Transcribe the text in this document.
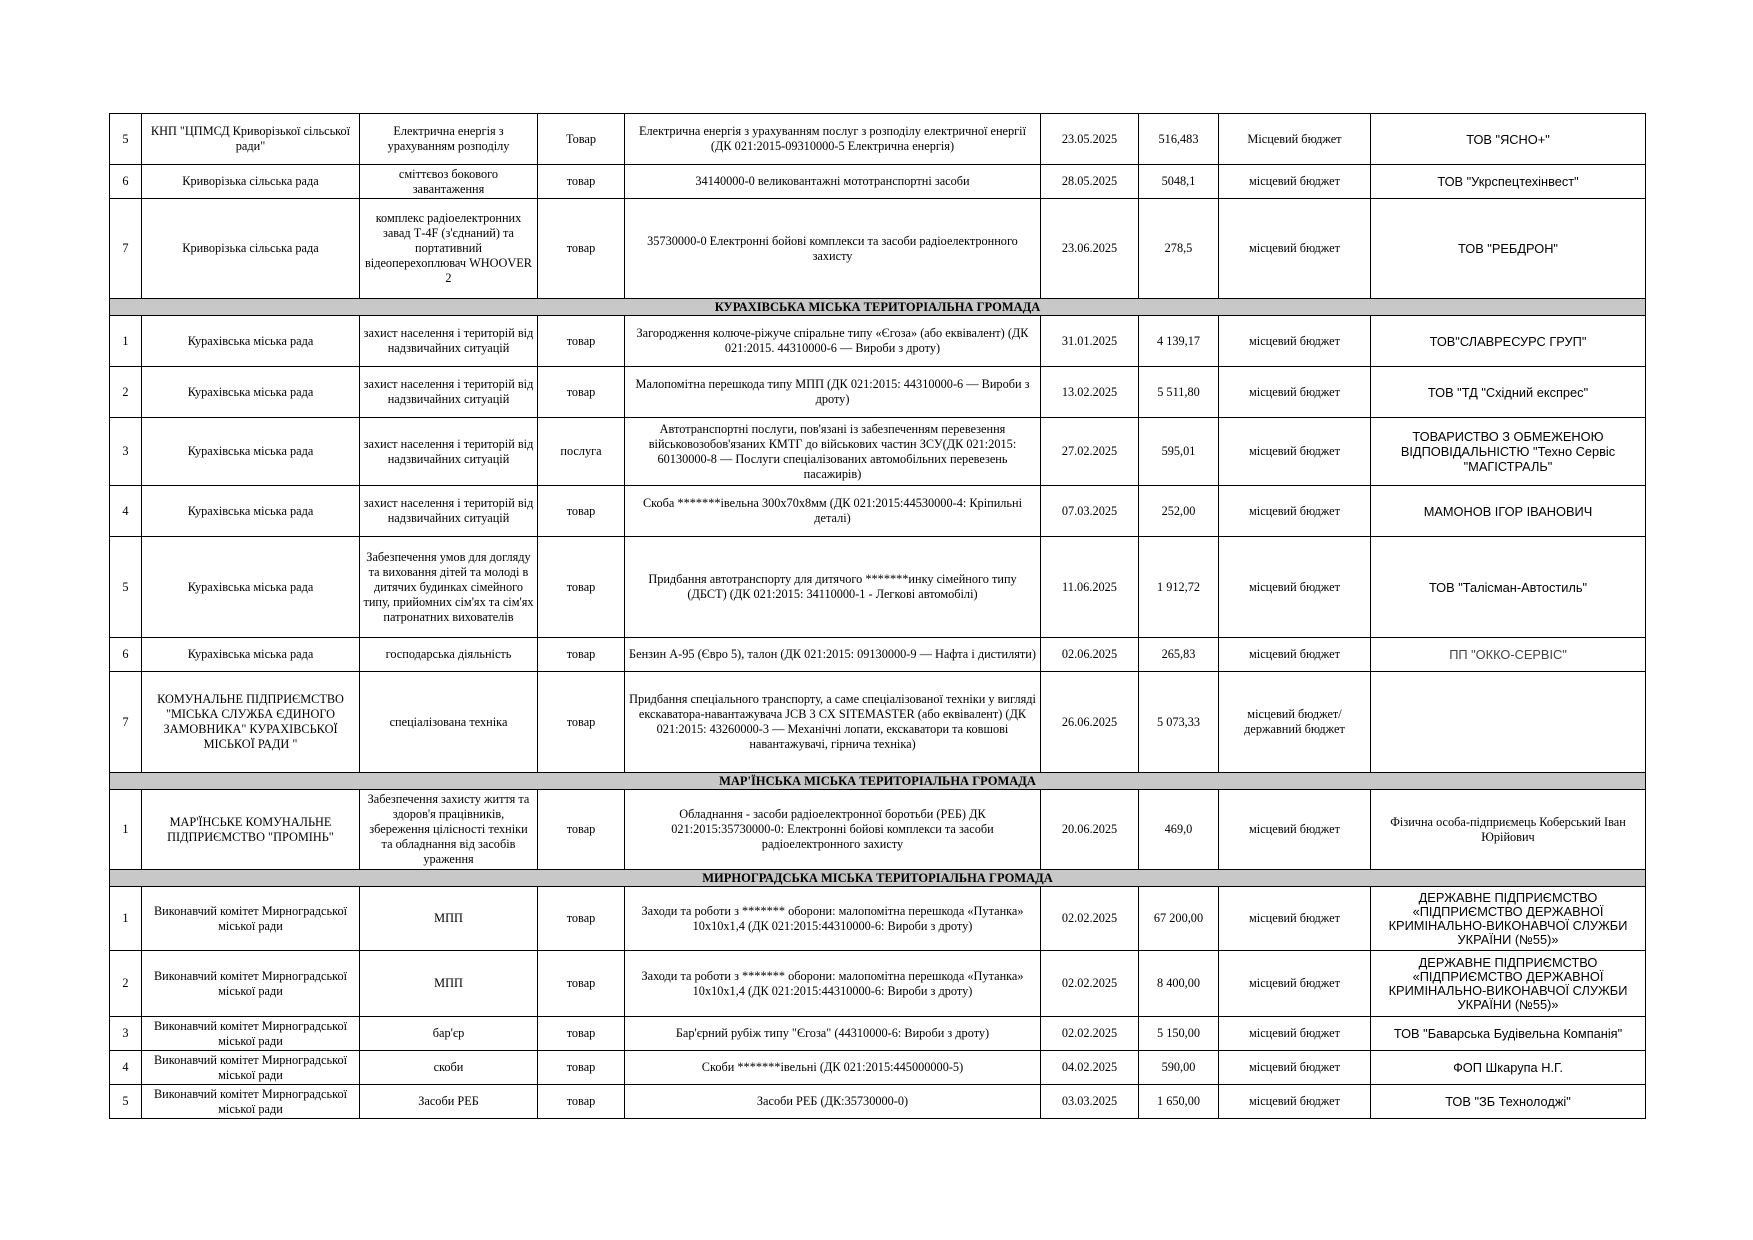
5	КНП "ЦПМСД Криворізької сільської ради"	Електрична енергія з урахуванням розподілу	Товар	Електрична енергія з урахуванням послуг з розподілу електричної енергії (ДК 021:2015-09310000-5 Електрична енергія)	23.05.2025	516,483	Місцевий бюджет	ТОВ "ЯСНО+"
6	Криворізька сільська рада	сміттєвоз бокового завантаження	товар	34140000-0 великовантажні мототранспортні засоби	28.05.2025	5048,1	місцевий бюджет	ТОВ "Укрспецтехінвест"
7	Криворізька сільська рада	комплекс радіоелектронних завад Т-4F (з'єднаний) та портативний відеоперехоплювач WHOOVER 2	товар	35730000-0 Електронні бойові комплекси та засоби радіоелектронного захисту	23.06.2025	278,5	місцевий бюджет	ТОВ "РЕБДРОН"
КУРАХІВСЬКА МІСЬКА ТЕРИТОРІАЛЬНА ГРОМАДА								
1	Курахівська міська рада	захист населення і територій від надзвичайних ситуацій	товар	Загородження колюче-ріжуче спіральне типу «Єгоза» (або еквівалент) (ДК 021:2015. 44310000-6 — Вироби з дроту)	31.01.2025	4 139,17	місцевий бюджет	ТОВ"СЛАВРЕСУРС ГРУП"
2	Курахівська міська рада	захист населення і територій від надзвичайних ситуацій	товар	Малопомітна перешкода типу МПП (ДК 021:2015: 44310000-6 — Вироби з дроту)	13.02.2025	5 511,80	місцевий бюджет	ТОВ "ТД "Східний експрес"
3	Курахівська міська рада	захист населення і територій від надзвичайних ситуацій	послуга	Автотранспортні послуги, пов'язані із забезпеченням перевезення військовозобов'язаних КМТГ до військових частин ЗСУ(ДК 021:2015: 60130000-8 — Послуги спеціалізованих автомобільних перевезень пасажирів)	27.02.2025	595,01	місцевий бюджет	ТОВАРИСТВО З ОБМЕЖЕНОЮ ВІДПОВІДАЛЬНІСТЮ "Техно Сервіс "МАГІСТРАЛЬ"
4	Курахівська міська рада	захист населення і територій від надзвичайних ситуацій	товар	Скоба *******івельна 300х70х8мм (ДК 021:2015:44530000-4: Кріпильні деталі)	07.03.2025	252,00	місцевий бюджет	МАМОНОВ ІГОР ІВАНОВИЧ
5	Курахівська міська рада	Забезпечення умов для догляду та виховання дітей та молоді в дитячих будинках сімейного типу, прийомних сім'ях та сім'ях патронатних вихователів	товар	Придбання автотранспорту для дитячого *******инку сімейного типу (ДБСТ) (ДК 021:2015: 34110000-1 - Легкові автомобілі)	11.06.2025	1 912,72	місцевий бюджет	ТОВ "Талісман-Автостиль"
6	Курахівська міська рада	господарська діяльність	товар	Бензин А-95 (Євро 5), талон (ДК 021:2015: 09130000-9 — Нафта і дистиляти)	02.06.2025	265,83	місцевий бюджет	ПП "ОККО-СЕРВІС"
7	КОМУНАЛЬНЕ ПІДПРИЄМСТВО "МІСЬКА СЛУЖБА ЄДИНОГО ЗАМОВНИКА" КУРАХІВСЬКОЇ МІСЬКОЇ РАДИ "	спеціалізована техніка	товар	Придбання спеціального транспорту, а саме спеціалізованої техніки у вигляді екскаватора-навантажувача JCB 3 CX SITEMASTER (або еквівалент) (ДК 021:2015: 43260000-3 — Механічні лопати, екскаватори та ковшові навантажувачі, гірнича техніка)	26.06.2025	5 073,33	місцевий бюджет/державний бюджет	
МАР'ЇНСЬКА МІСЬКА ТЕРИТОРІАЛЬНА ГРОМАДА								
1	МАР'ЇНСЬКЕ КОМУНАЛЬНЕ ПІДПРИЄМСТВО "ПРОМІНЬ"	Забезпечення захисту життя та здоров'я працівників, збереження цілісності техніки та обладнання від засобів ураження	товар	Обладнання - засоби радіоелектронної боротьби (РЕБ) ДК 021:2015:35730000-0: Електронні бойові комплекси та засоби радіоелектронного захисту	20.06.2025	469,0	місцевий бюджет	Фізична особа-підприємець Коберський Іван Юрійович
МИРНОГРАДСЬКА МІСЬКА ТЕРИТОРІАЛЬНА ГРОМАДА								
1	Виконавчий комітет Мирноградської міської ради	МПП	товар	Заходи та роботи з ******* оборони: малопомітна перешкода «Путанка» 10х10х1,4 (ДК 021:2015:44310000-6: Вироби з дроту)	02.02.2025	67 200,00	місцевий бюджет	ДЕРЖАВНЕ ПІДПРИЄМСТВО «ПІДПРИЄМСТВО ДЕРЖАВНОЇ КРИМІНАЛЬНО-ВИКОНАВЧОЇ СЛУЖБИ УКРАЇНИ (№55)»
2	Виконавчий комітет Мирноградської міської ради	МПП	товар	Заходи та роботи з ******* оборони: малопомітна перешкода «Путанка» 10х10х1,4 (ДК 021:2015:44310000-6: Вироби з дроту)	02.02.2025	8 400,00	місцевий бюджет	ДЕРЖАВНЕ ПІДПРИЄМСТВО «ПІДПРИЄМСТВО ДЕРЖАВНОЇ КРИМІНАЛЬНО-ВИКОНАВЧОЇ СЛУЖБИ УКРАЇНИ (№55)»
3	Виконавчий комітет Мирноградської міської ради	бар'єр	товар	Бар'єрний рубіж типу "Єгоза" (44310000-6: Вироби з дроту)	02.02.2025	5 150,00	місцевий бюджет	ТОВ "Баварська Будівельна Компанія"
4	Виконавчий комітет Мирноградської міської ради	скоби	товар	Скоби *******івельні (ДК 021:2015:445000000-5)	04.02.2025	590,00	місцевий бюджет	ФОП Шкарупа Н.Г.
5	Виконавчий комітет Мирноградської міської ради	Засоби РЕБ	товар	Засоби РЕБ (ДК:35730000-0)	03.03.2025	1 650,00	місцевий бюджет	ТОВ "ЗБ Технолоджі"
